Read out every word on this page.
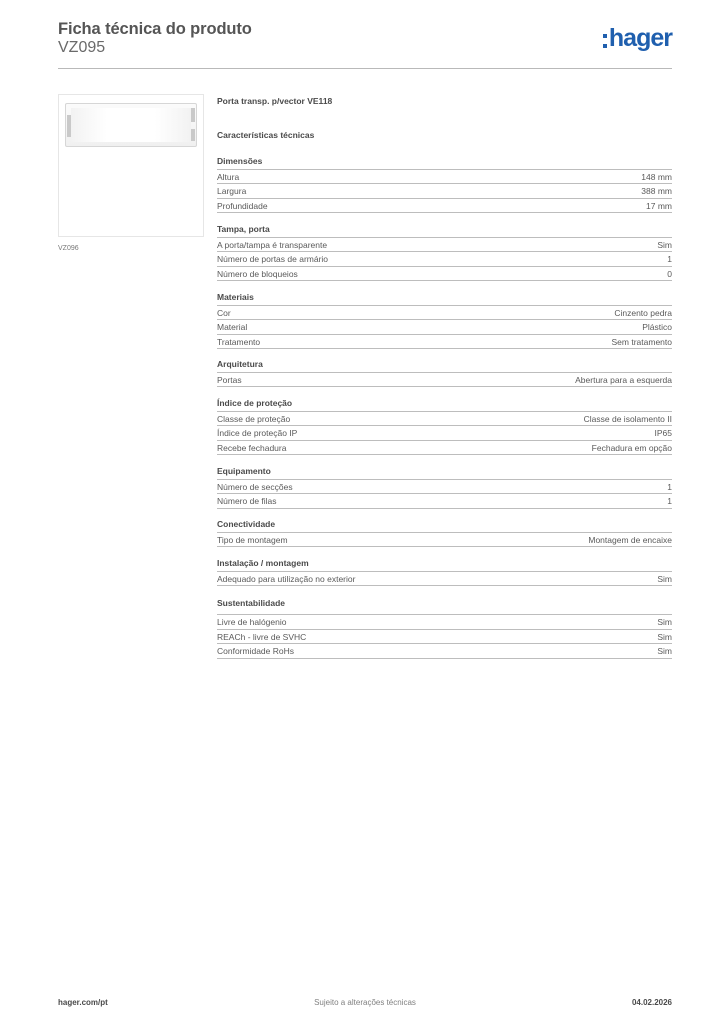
Ficha técnica do produto
VZ095	hager
VZ096
Porta transp. p/vector VE118
Características técnicas
Dimensões
Altura	148 mm
Largura	388 mm
Profundidade	17 mm
Tampa, porta
A porta/tampa é transparente	Sim
Número de portas de armário	1
Número de bloqueios	0
Materiais
Cor	Cinzento pedra
Material	Plástico
Tratamento	Sem tratamento
Arquitetura
Portas	Abertura para a esquerda
Índice de proteção
Classe de proteção	Classe de isolamento II
Índice de proteção IP	IP65
Recebe fechadura	Fechadura em opção
Equipamento
Número de secções	1
Número de filas	1
Conectividade
Tipo de montagem	Montagem de encaixe
Instalação / montagem
Adequado para utilização no exterior	Sim
Sustentabilidade
Livre de halógenio	Sim
REACh - livre de SVHC	Sim
Conformidade RoHs	Sim
hager.com/pt	Sujeito a alterações técnicas	04.02.2026
